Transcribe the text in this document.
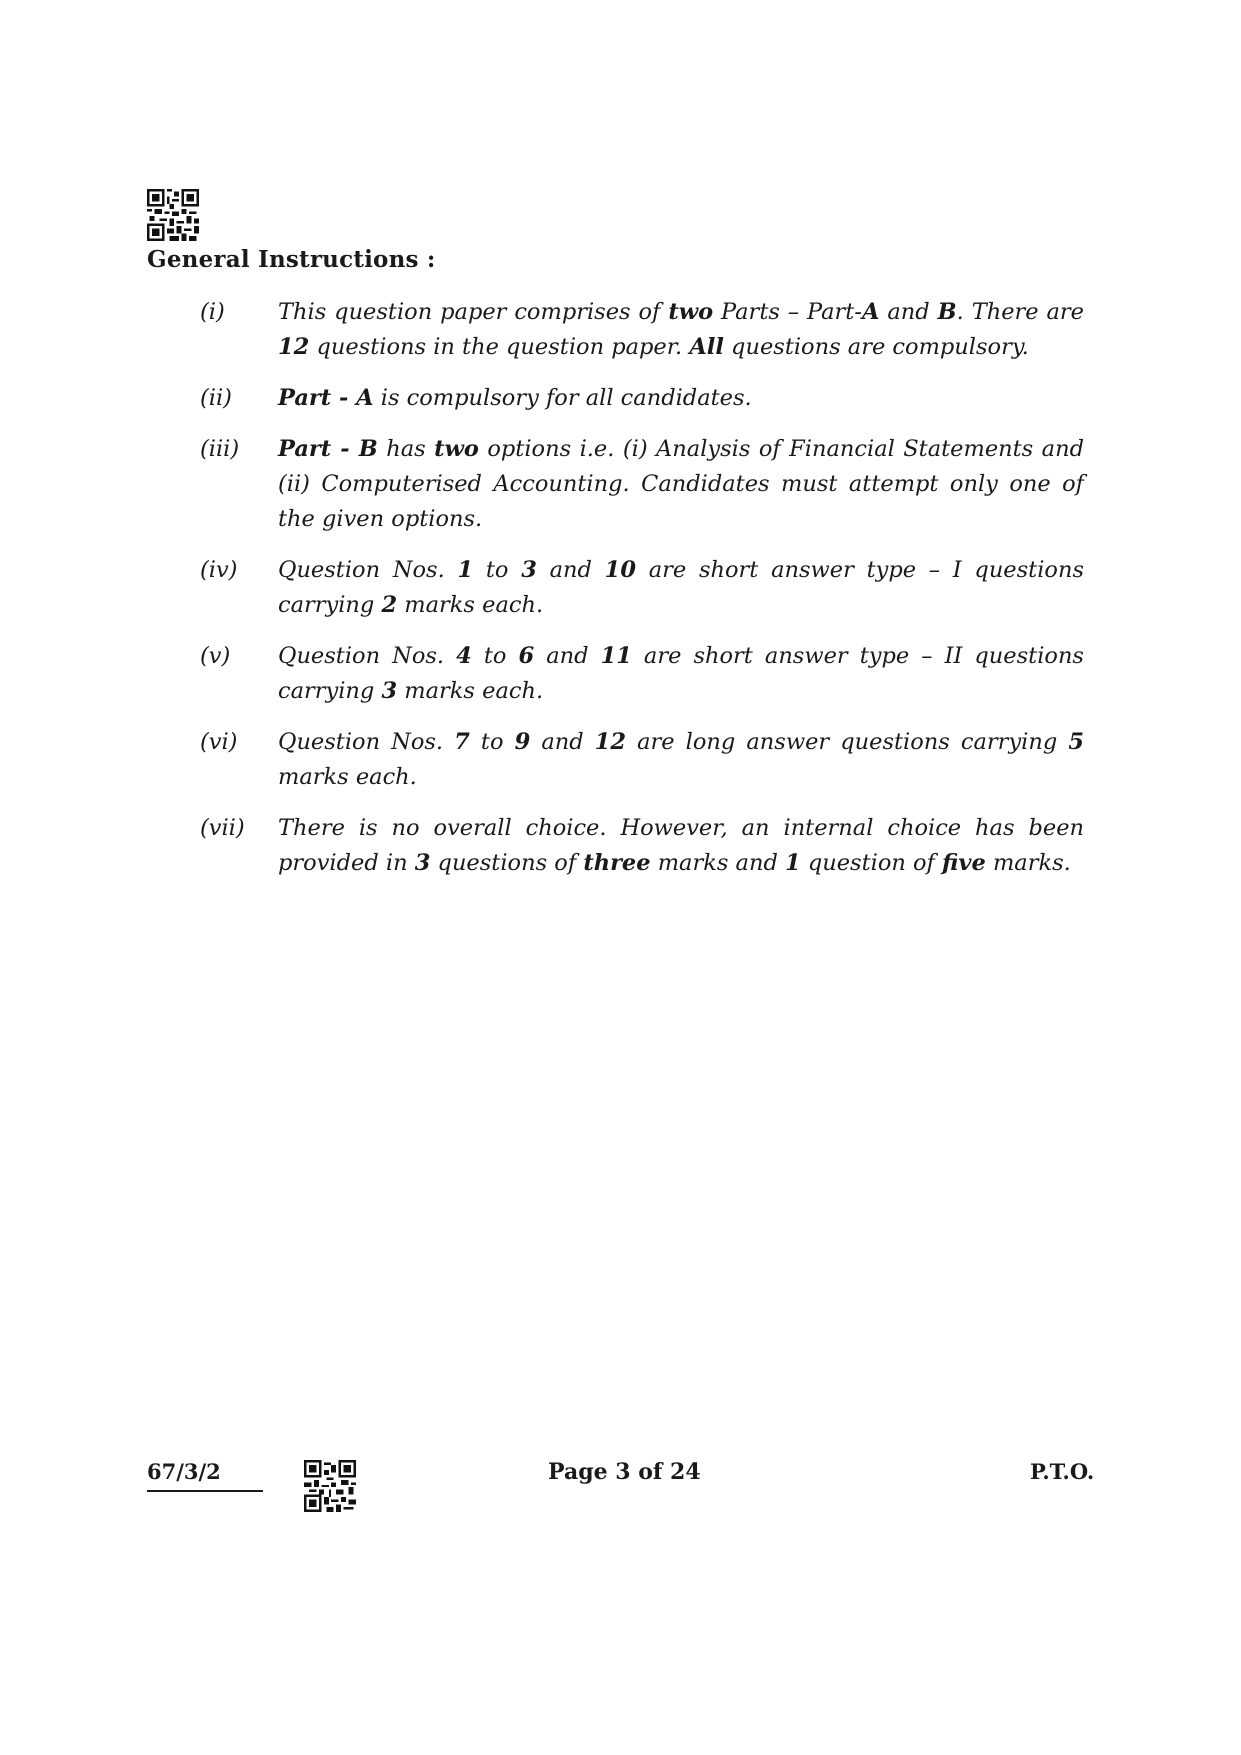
General Instructions :
(i)	This question paper comprises of two Parts – Part-A and B. There are 12 questions in the question paper. All questions are compulsory.
(ii)	Part - A is compulsory for all candidates.
(iii)	Part - B has two options i.e. (i) Analysis of Financial Statements and (ii) Computerised Accounting. Candidates must attempt only one of the given options.
(iv)	Question Nos. 1 to 3 and 10 are short answer type – I questions carrying 2 marks each.
(v)	Question Nos. 4 to 6 and 11 are short answer type – II questions carrying 3 marks each.
(vi)	Question Nos. 7 to 9 and 12 are long answer questions carrying 5 marks each.
(vii)	There is no overall choice. However, an internal choice has been provided in 3 questions of three marks and 1 question of five marks.
67/3/2	Page 3 of 24	P.T.O.
